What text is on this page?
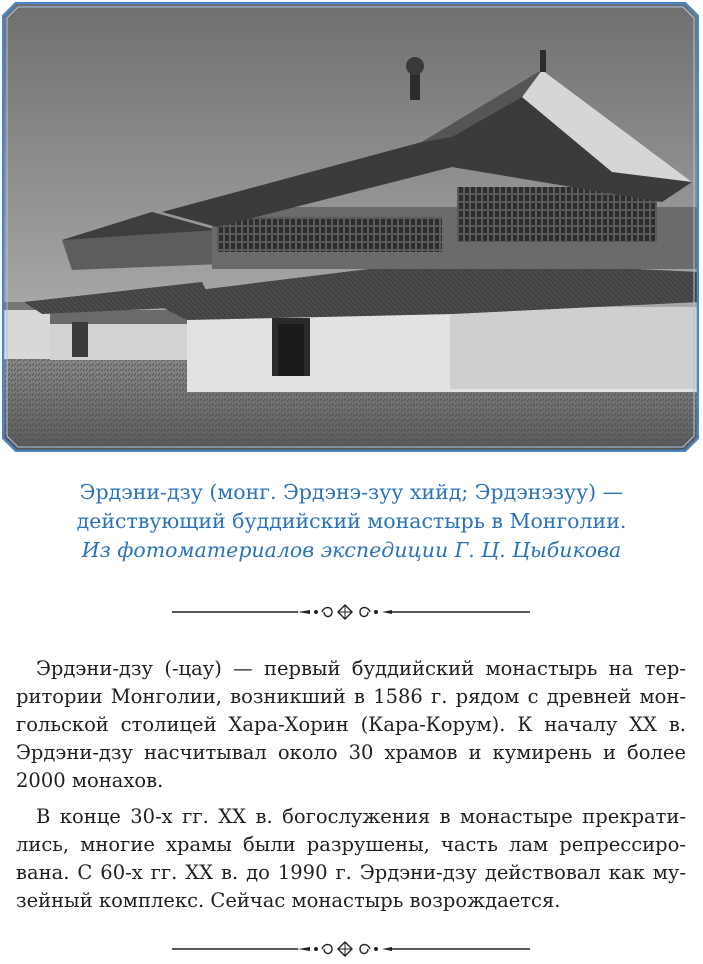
Эрдэни-дзу (монг. Эрдэнэ-зуу хийд; Эрдэнэзуу) —
действующий буддийский монастырь в Монголии.
Из фотоматериалов экспедиции Г. Ц. Цыбикова

Эрдэни-дзу (-цау) — первый буддийский монастырь на территории Монголии, возникший в 1586 г. рядом с древней монгольской столицей Хара-Хорин (Кара-Корум). К началу XX в. Эрдэни-дзу насчитывал около 30 храмов и кумирень и более 2000 монахов.

В конце 30-х гг. XX в. богослужения в монастыре прекратились, многие храмы были разрушены, часть лам репрессирована. С 60-х гг. XX в. до 1990 г. Эрдэни-дзу действовал как музейный комплекс. Сейчас монастырь возрождается.
